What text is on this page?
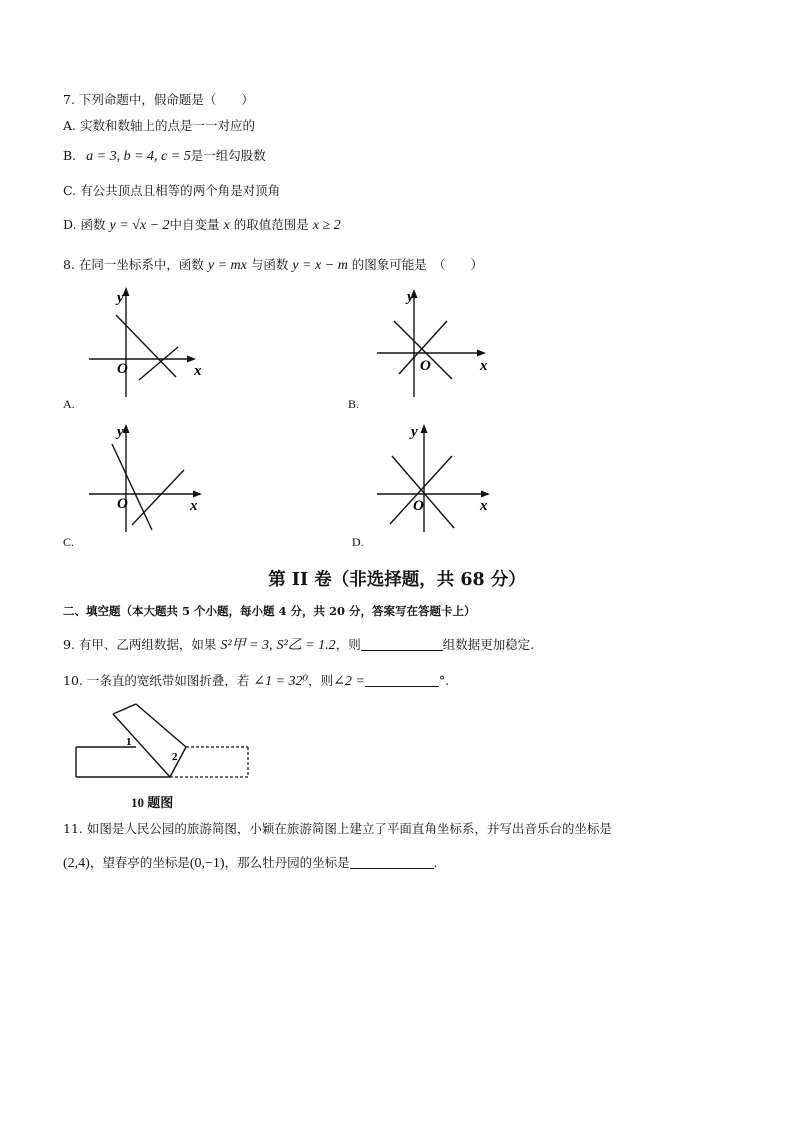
7. 下列命题中，假命题是（　　）
A. 实数和数轴上的点是一一对应的
B. a = 3, b = 4, c = 5是一组勾股数
C. 有公共顶点且相等的两个角是对顶角
D. 函数 y = √x − 2中自变量 x 的取值范围是 x ≥ 2
8. 在同一坐标系中，函数 y = mx 与函数 y = x − m 的图象可能是　（　　）
y
O	x
A.
y
O	x
B.
y
O	x
C.
y
O	x
D.
第 II 卷（非选择题，共 68 分）
二、填空题（本大题共 5 个小题，每小题 4 分，共 20 分，答案写在答题卡上）
9. 有甲、乙两组数据，如果 S²甲 = 3, S²乙 = 1.2，则	组数据更加稳定.
10. 一条直的宽纸带如图折叠，若 ∠1 = 32⁰，则∠2 =	°.
1
2
10 题图
11. 如图是人民公园的旅游简图，小颖在旅游简图上建立了平面直角坐标系，并写出音乐台的坐标是
(2,4)，望春亭的坐标是(0,−1)，那么牡丹园的坐标是	.
